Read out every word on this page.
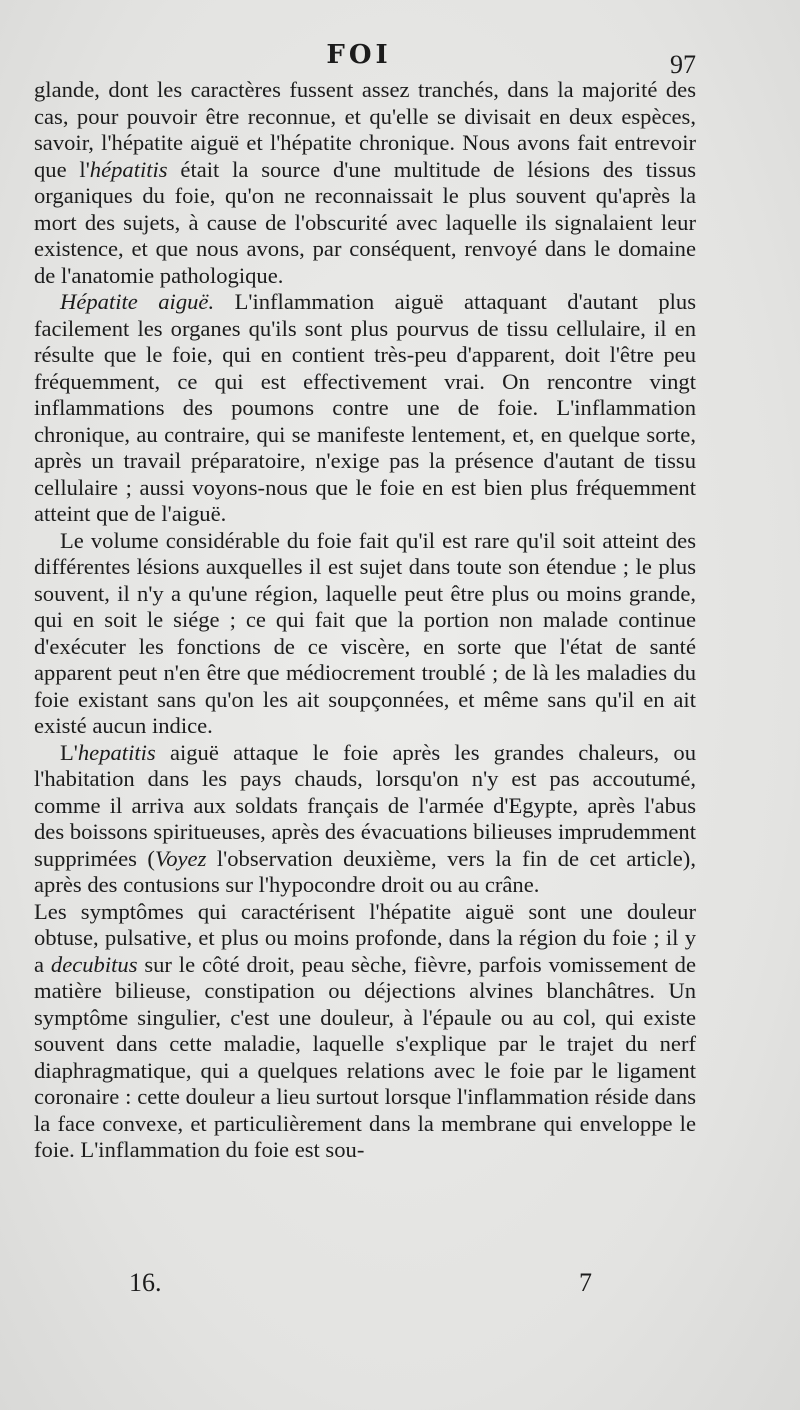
FOI	97

glande, dont les caractères fussent assez tranchés, dans la majorité des cas, pour pouvoir être reconnue, et qu'elle se divisait en deux espèces, savoir, l'hépatite aiguë et l'hépatite chronique. Nous avons fait entrevoir que l'hépatitis était la source d'une multitude de lésions des tissus organiques du foie, qu'on ne reconnaissait le plus souvent qu'après la mort des sujets, à cause de l'obscurité avec laquelle ils signalaient leur existence, et que nous avons, par conséquent, renvoyé dans le domaine de l'anatomie pathologique.

Hépatite aiguë. L'inflammation aiguë attaquant d'autant plus facilement les organes qu'ils sont plus pourvus de tissu cellulaire, il en résulte que le foie, qui en contient très-peu d'apparent, doit l'être peu fréquemment, ce qui est effectivement vrai. On rencontre vingt inflammations des poumons contre une de foie. L'inflammation chronique, au contraire, qui se manifeste lentement, et, en quelque sorte, après un travail préparatoire, n'exige pas la présence d'autant de tissu cellulaire ; aussi voyons-nous que le foie en est bien plus fréquemment atteint que de l'aiguë.

Le volume considérable du foie fait qu'il est rare qu'il soit atteint des différentes lésions auxquelles il est sujet dans toute son étendue ; le plus souvent, il n'y a qu'une région, laquelle peut être plus ou moins grande, qui en soit le siége ; ce qui fait que la portion non malade continue d'exécuter les fonctions de ce viscère, en sorte que l'état de santé apparent peut n'en être que médiocrement troublé ; de là les maladies du foie existant sans qu'on les ait soupçonnées, et même sans qu'il en ait existé aucun indice.

L'hepatitis aiguë attaque le foie après les grandes chaleurs, ou l'habitation dans les pays chauds, lorsqu'on n'y est pas accoutumé, comme il arriva aux soldats français de l'armée d'Egypte, après l'abus des boissons spiritueuses, après des évacuations bilieuses imprudemment supprimées (Voyez l'observation deuxième, vers la fin de cet article), après des contusions sur l'hypocondre droit ou au crâne.

Les symptômes qui caractérisent l'hépatite aiguë sont une douleur obtuse, pulsative, et plus ou moins profonde, dans la région du foie ; il y a decubitus sur le côté droit, peau sèche, fièvre, parfois vomissement de matière bilieuse, constipation ou déjections alvines blanchâtres. Un symptôme singulier, c'est une douleur, à l'épaule ou au col, qui existe souvent dans cette maladie, laquelle s'explique par le trajet du nerf diaphragmatique, qui a quelques relations avec le foie par le ligament coronaire : cette douleur a lieu surtout lorsque l'inflammation réside dans la face convexe, et particulièrement dans la membrane qui enveloppe le foie. L'inflammation du foie est sou-

16.	7
